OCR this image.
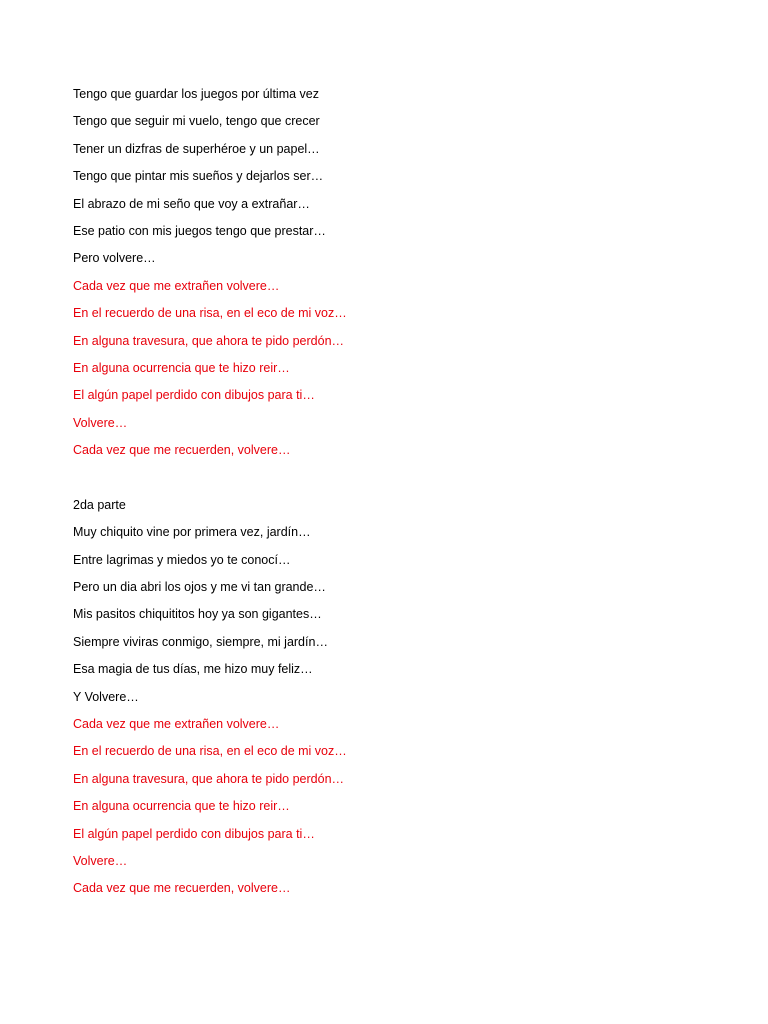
Tengo que guardar los juegos por última vez
Tengo que seguir mi vuelo, tengo que crecer
Tener un dizfras de superhéroe y un papel…
Tengo que pintar mis sueños y dejarlos ser…
El abrazo de mi seño que voy a extrañar…
Ese patio con mis juegos tengo que prestar…
Pero volvere…
Cada vez que me extrañen volvere…
En el recuerdo de una risa, en el eco de mi voz…
En alguna travesura, que ahora te pido perdón…
En alguna ocurrencia que te hizo reir…
El algún papel perdido con dibujos para ti…
Volvere…
Cada vez que me recuerden, volvere…
2da parte
Muy chiquito vine por primera vez, jardín…
Entre lagrimas y miedos yo te conocí…
Pero un dia abri los ojos y me vi tan grande…
Mis pasitos chiquititos hoy ya son gigantes…
Siempre viviras conmigo, siempre, mi jardín…
Esa magia de tus días, me hizo muy feliz…
Y Volvere…
Cada vez que me extrañen volvere…
En el recuerdo de una risa, en el eco de mi voz…
En alguna travesura, que ahora te pido perdón…
En alguna ocurrencia que te hizo reir…
El algún papel perdido con dibujos para ti…
Volvere…
Cada vez que me recuerden, volvere…
